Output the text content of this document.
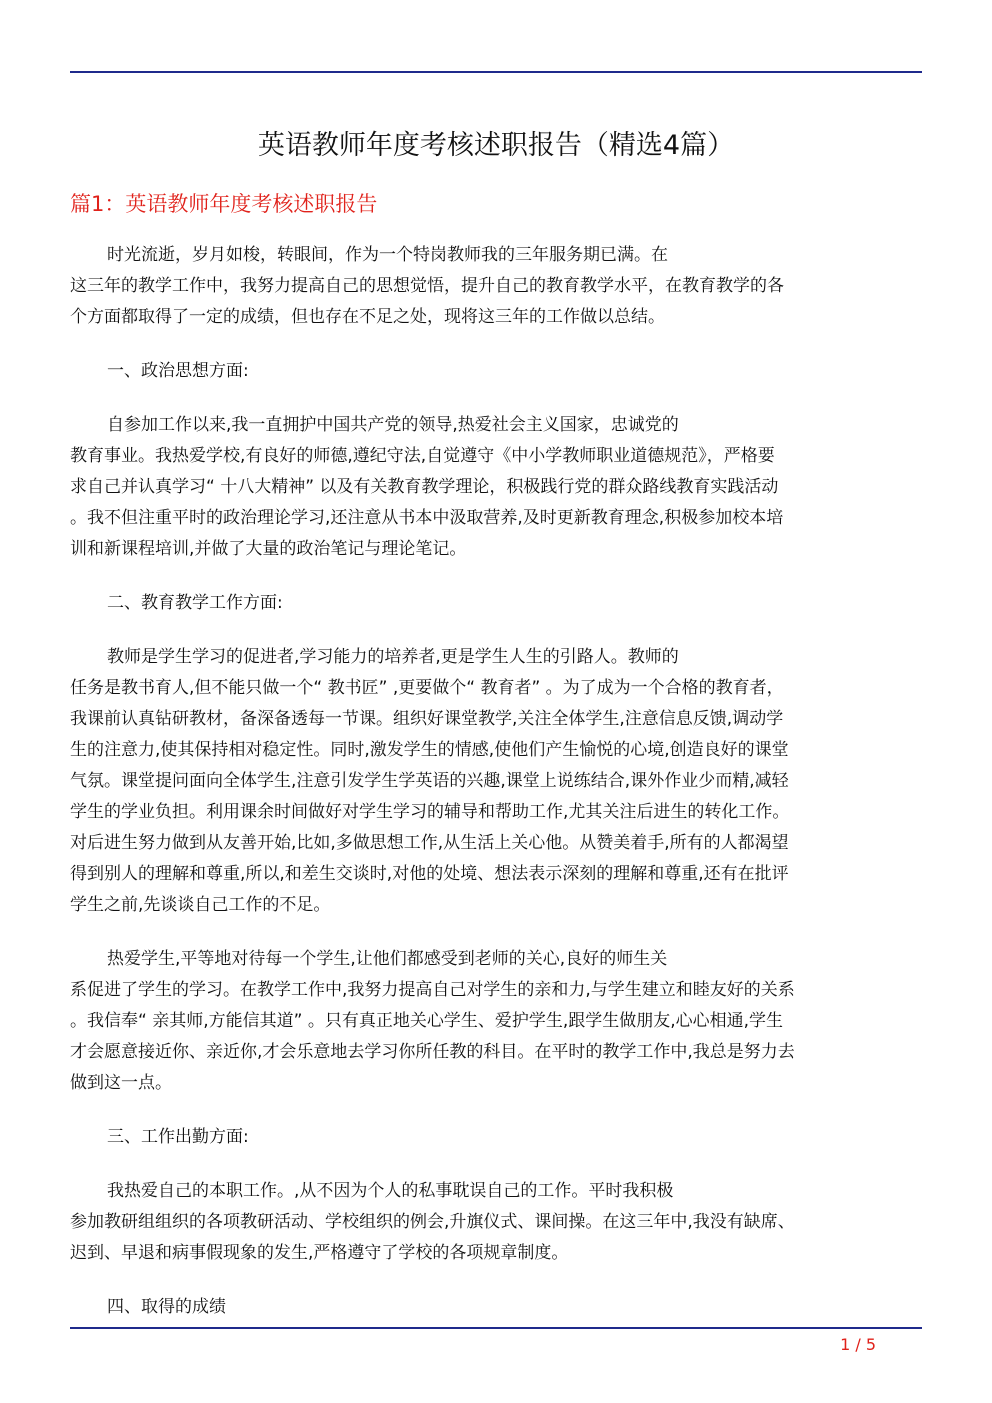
英语教师年度考核述职报告（精选4篇）
篇1：英语教师年度考核述职报告
时光流逝，岁月如梭，转眼间，作为一个特岗教师我的三年服务期已满。在
这三年的教学工作中，我努力提高自己的思想觉悟，提升自己的教育教学水平，在教育教学的各
个方面都取得了一定的成绩，但也存在不足之处，现将这三年的工作做以总结。
一、政治思想方面:
自参加工作以来,我一直拥护中国共产党的领导,热爱社会主义国家，忠诚党的
教育事业。我热爱学校,有良好的师德,遵纪守法,自觉遵守《中小学教师职业道德规范》，严格要
求自己并认真学习“ 十八大精神” 以及有关教育教学理论，积极践行党的群众路线教育实践活动
。我不但注重平时的政治理论学习,还注意从书本中汲取营养,及时更新教育理念,积极参加校本培
训和新课程培训,并做了大量的政治笔记与理论笔记。
二、教育教学工作方面:
教师是学生学习的促进者,学习能力的培养者,更是学生人生的引路人。教师的
任务是教书育人,但不能只做一个“ 教书匠” ,更要做个“ 教育者” 。为了成为一个合格的教育者，
我课前认真钻研教材，备深备透每一节课。组织好课堂教学,关注全体学生,注意信息反馈,调动学
生的注意力,使其保持相对稳定性。同时,激发学生的情感,使他们产生愉悦的心境,创造良好的课堂
气氛。课堂提问面向全体学生,注意引发学生学英语的兴趣,课堂上说练结合,课外作业少而精,减轻
学生的学业负担。利用课余时间做好对学生学习的辅导和帮助工作,尤其关注后进生的转化工作。
对后进生努力做到从友善开始,比如,多做思想工作,从生活上关心他。从赞美着手,所有的人都渴望
得到别人的理解和尊重,所以,和差生交谈时,对他的处境、想法表示深刻的理解和尊重,还有在批评
学生之前,先谈谈自己工作的不足。
热爱学生,平等地对待每一个学生,让他们都感受到老师的关心,良好的师生关
系促进了学生的学习。在教学工作中,我努力提高自己对学生的亲和力,与学生建立和睦友好的关系
。我信奉“ 亲其师,方能信其道” 。只有真正地关心学生、爱护学生,跟学生做朋友,心心相通,学生
才会愿意接近你、亲近你,才会乐意地去学习你所任教的科目。在平时的教学工作中,我总是努力去
做到这一点。
三、工作出勤方面:
我热爱自己的本职工作。,从不因为个人的私事耽误自己的工作。平时我积极
参加教研组组织的各项教研活动、学校组织的例会,升旗仪式、课间操。在这三年中,我没有缺席、
迟到、早退和病事假现象的发生,严格遵守了学校的各项规章制度。
四、取得的成绩
1 / 5
